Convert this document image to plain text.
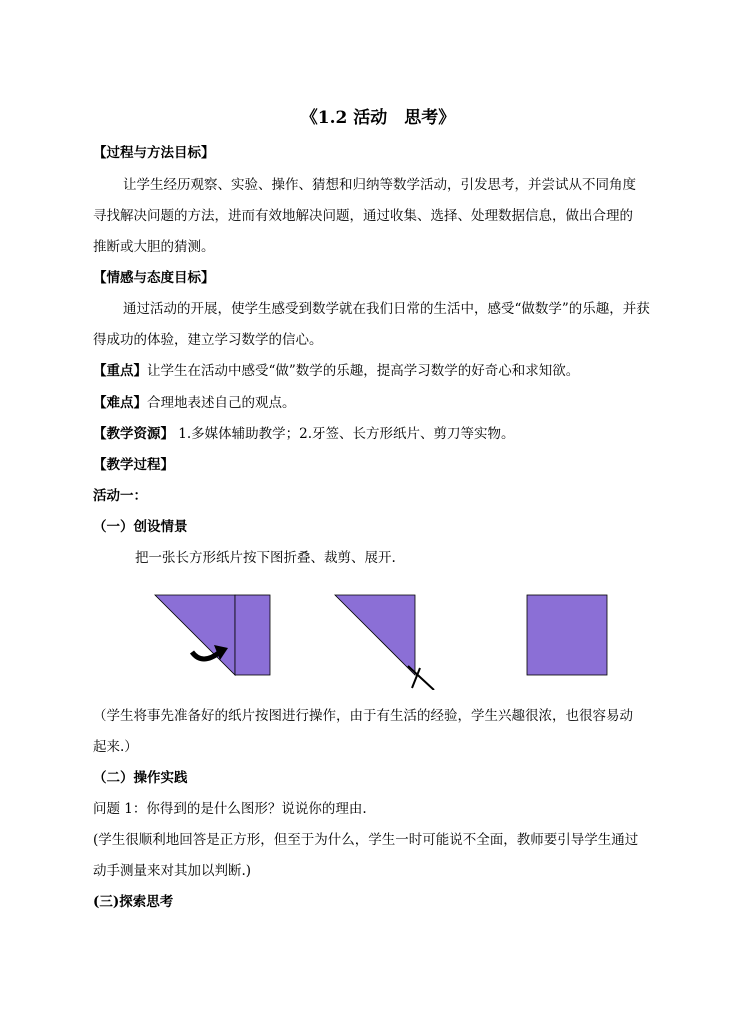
《1.2 活动　思考》
【过程与方法目标】
让学生经历观察、实验、操作、猜想和归纳等数学活动，引发思考，并尝试从不同角度
寻找解决问题的方法，进而有效地解决问题，通过收集、选择、处理数据信息，做出合理的
推断或大胆的猜测。
【情感与态度目标】
通过活动的开展，使学生感受到数学就在我们日常的生活中，感受“做数学”的乐趣，并获
得成功的体验，建立学习数学的信心。
【重点】让学生在活动中感受“做”数学的乐趣，提高学习数学的好奇心和求知欲。
【难点】合理地表述自己的观点。
【教学资源】 1.多媒体辅助教学；2.牙签、长方形纸片、剪刀等实物。
【教学过程】
活动一：
（一）创设情景
把一张长方形纸片按下图折叠、裁剪、展开.
（学生将事先准备好的纸片按图进行操作，由于有生活的经验，学生兴趣很浓，也很容易动
起来.）
（二）操作实践
问题 1：你得到的是什么图形？说说你的理由.
(学生很顺利地回答是正方形，但至于为什么，学生一时可能说不全面，教师要引导学生通过
动手测量来对其加以判断.)
(三)探索思考
